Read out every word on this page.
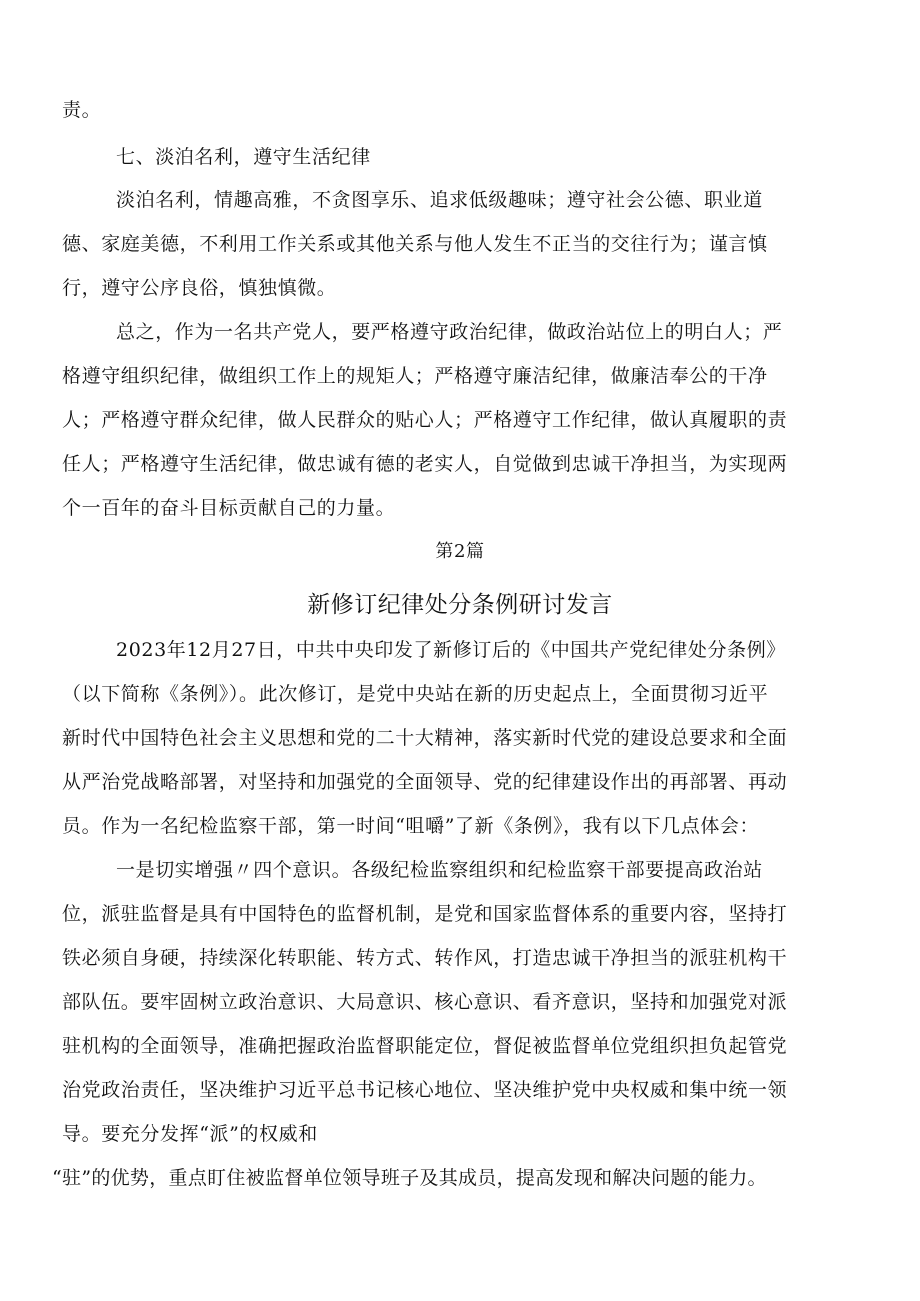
责。
七、淡泊名利，遵守生活纪律
淡泊名利，情趣高雅，不贪图享乐、追求低级趣味；遵守社会公德、职业道
德、家庭美德，不利用工作关系或其他关系与他人发生不正当的交往行为；谨言慎
行，遵守公序良俗，慎独慎微。
总之，作为一名共产党人，要严格遵守政治纪律，做政治站位上的明白人；严
格遵守组织纪律，做组织工作上的规矩人；严格遵守廉洁纪律，做廉洁奉公的干净
人；严格遵守群众纪律，做人民群众的贴心人；严格遵守工作纪律，做认真履职的责
任人；严格遵守生活纪律，做忠诚有德的老实人，自觉做到忠诚干净担当，为实现两
个一百年的奋斗目标贡献自己的力量。
第2篇
新修订纪律处分条例研讨发言
2023年12月27日，中共中央印发了新修订后的《中国共产党纪律处分条例》
（以下简称《条例》）。此次修订，是党中央站在新的历史起点上，全面贯彻习近平
新时代中国特色社会主义思想和党的二十大精神，落实新时代党的建设总要求和全面
从严治党战略部署，对坚持和加强党的全面领导、党的纪律建设作出的再部署、再动
员。作为一名纪检监察干部，第一时间“咀嚼”了新《条例》，我有以下几点体会：
一是切实增强〃四个意识。各级纪检监察组织和纪检监察干部要提高政治站
位，派驻监督是具有中国特色的监督机制，是党和国家监督体系的重要内容，坚持打
铁必须自身硬，持续深化转职能、转方式、转作风，打造忠诚干净担当的派驻机构干
部队伍。要牢固树立政治意识、大局意识、核心意识、看齐意识，坚持和加强党对派
驻机构的全面领导，准确把握政治监督职能定位，督促被监督单位党组织担负起管党
治党政治责任，坚决维护习近平总书记核心地位、坚决维护党中央权威和集中统一领
导。要充分发挥“派”的权威和
“驻”的优势，重点盯住被监督单位领导班子及其成员，提高发现和解决问题的能力。
